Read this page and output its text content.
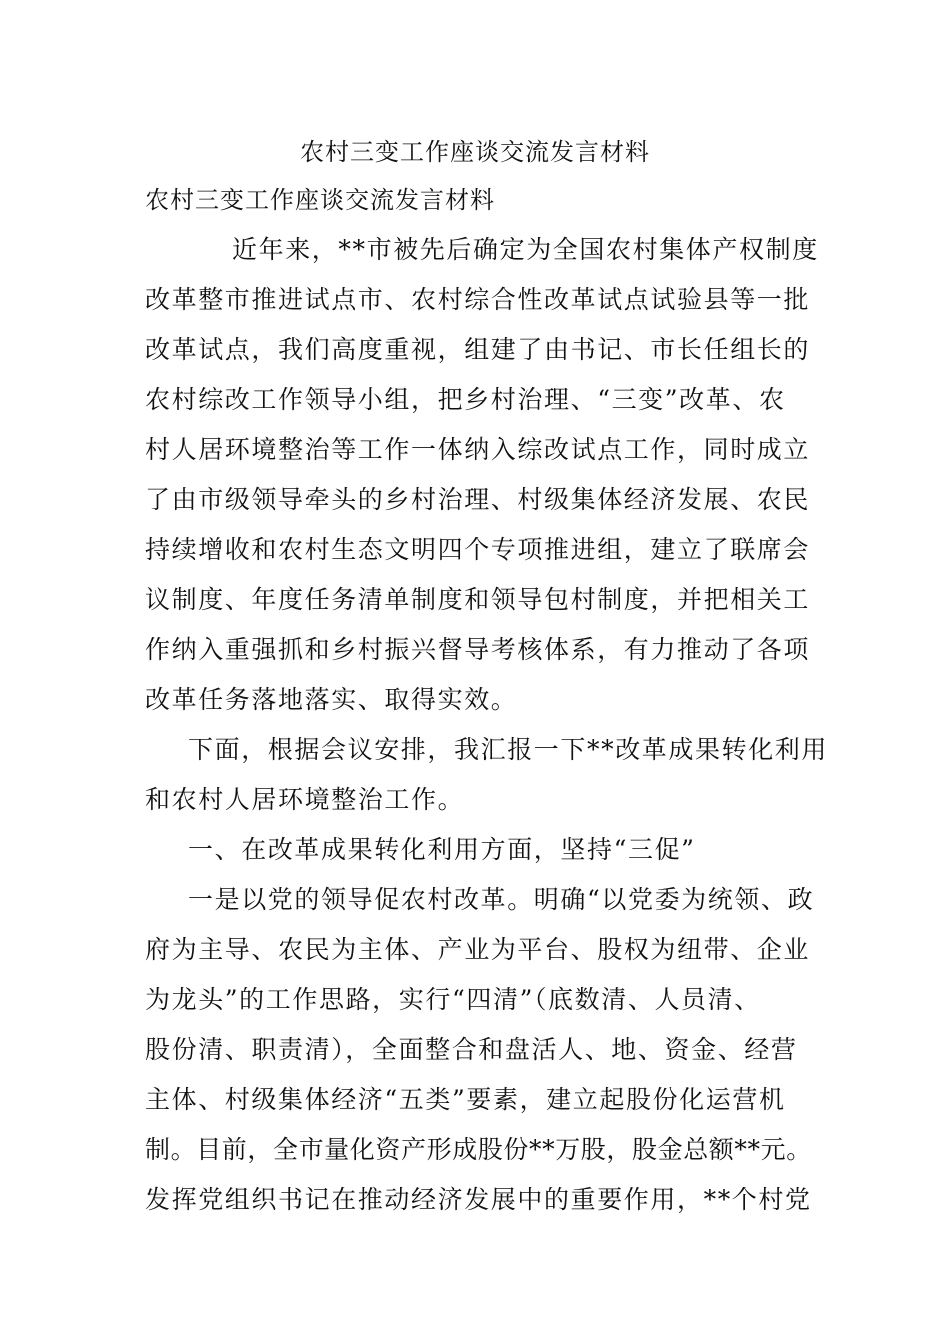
农村三变工作座谈交流发言材料
农村三变工作座谈交流发言材料
近年来，**市被先后确定为全国农村集体产权制度
改革整市推进试点市、农村综合性改革试点试验县等一批
改革试点，我们高度重视，组建了由书记、市长任组长的
农村综改工作领导小组，把乡村治理、“三变”改革、农
村人居环境整治等工作一体纳入综改试点工作，同时成立
了由市级领导牵头的乡村治理、村级集体经济发展、农民
持续增收和农村生态文明四个专项推进组，建立了联席会
议制度、年度任务清单制度和领导包村制度，并把相关工
作纳入重强抓和乡村振兴督导考核体系，有力推动了各项
改革任务落地落实、取得实效。
下面，根据会议安排，我汇报一下**改革成果转化利用
和农村人居环境整治工作。
一、在改革成果转化利用方面，坚持“三促”
一是以党的领导促农村改革。明确“以党委为统领、政
府为主导、农民为主体、产业为平台、股权为纽带、企业
为龙头”的工作思路，实行“四清”（底数清、人员清、
股份清、职责清），全面整合和盘活人、地、资金、经营
主体、村级集体经济“五类”要素，建立起股份化运营机
制。目前，全市量化资产形成股份**万股，股金总额**元。
发挥党组织书记在推动经济发展中的重要作用，**个村党
